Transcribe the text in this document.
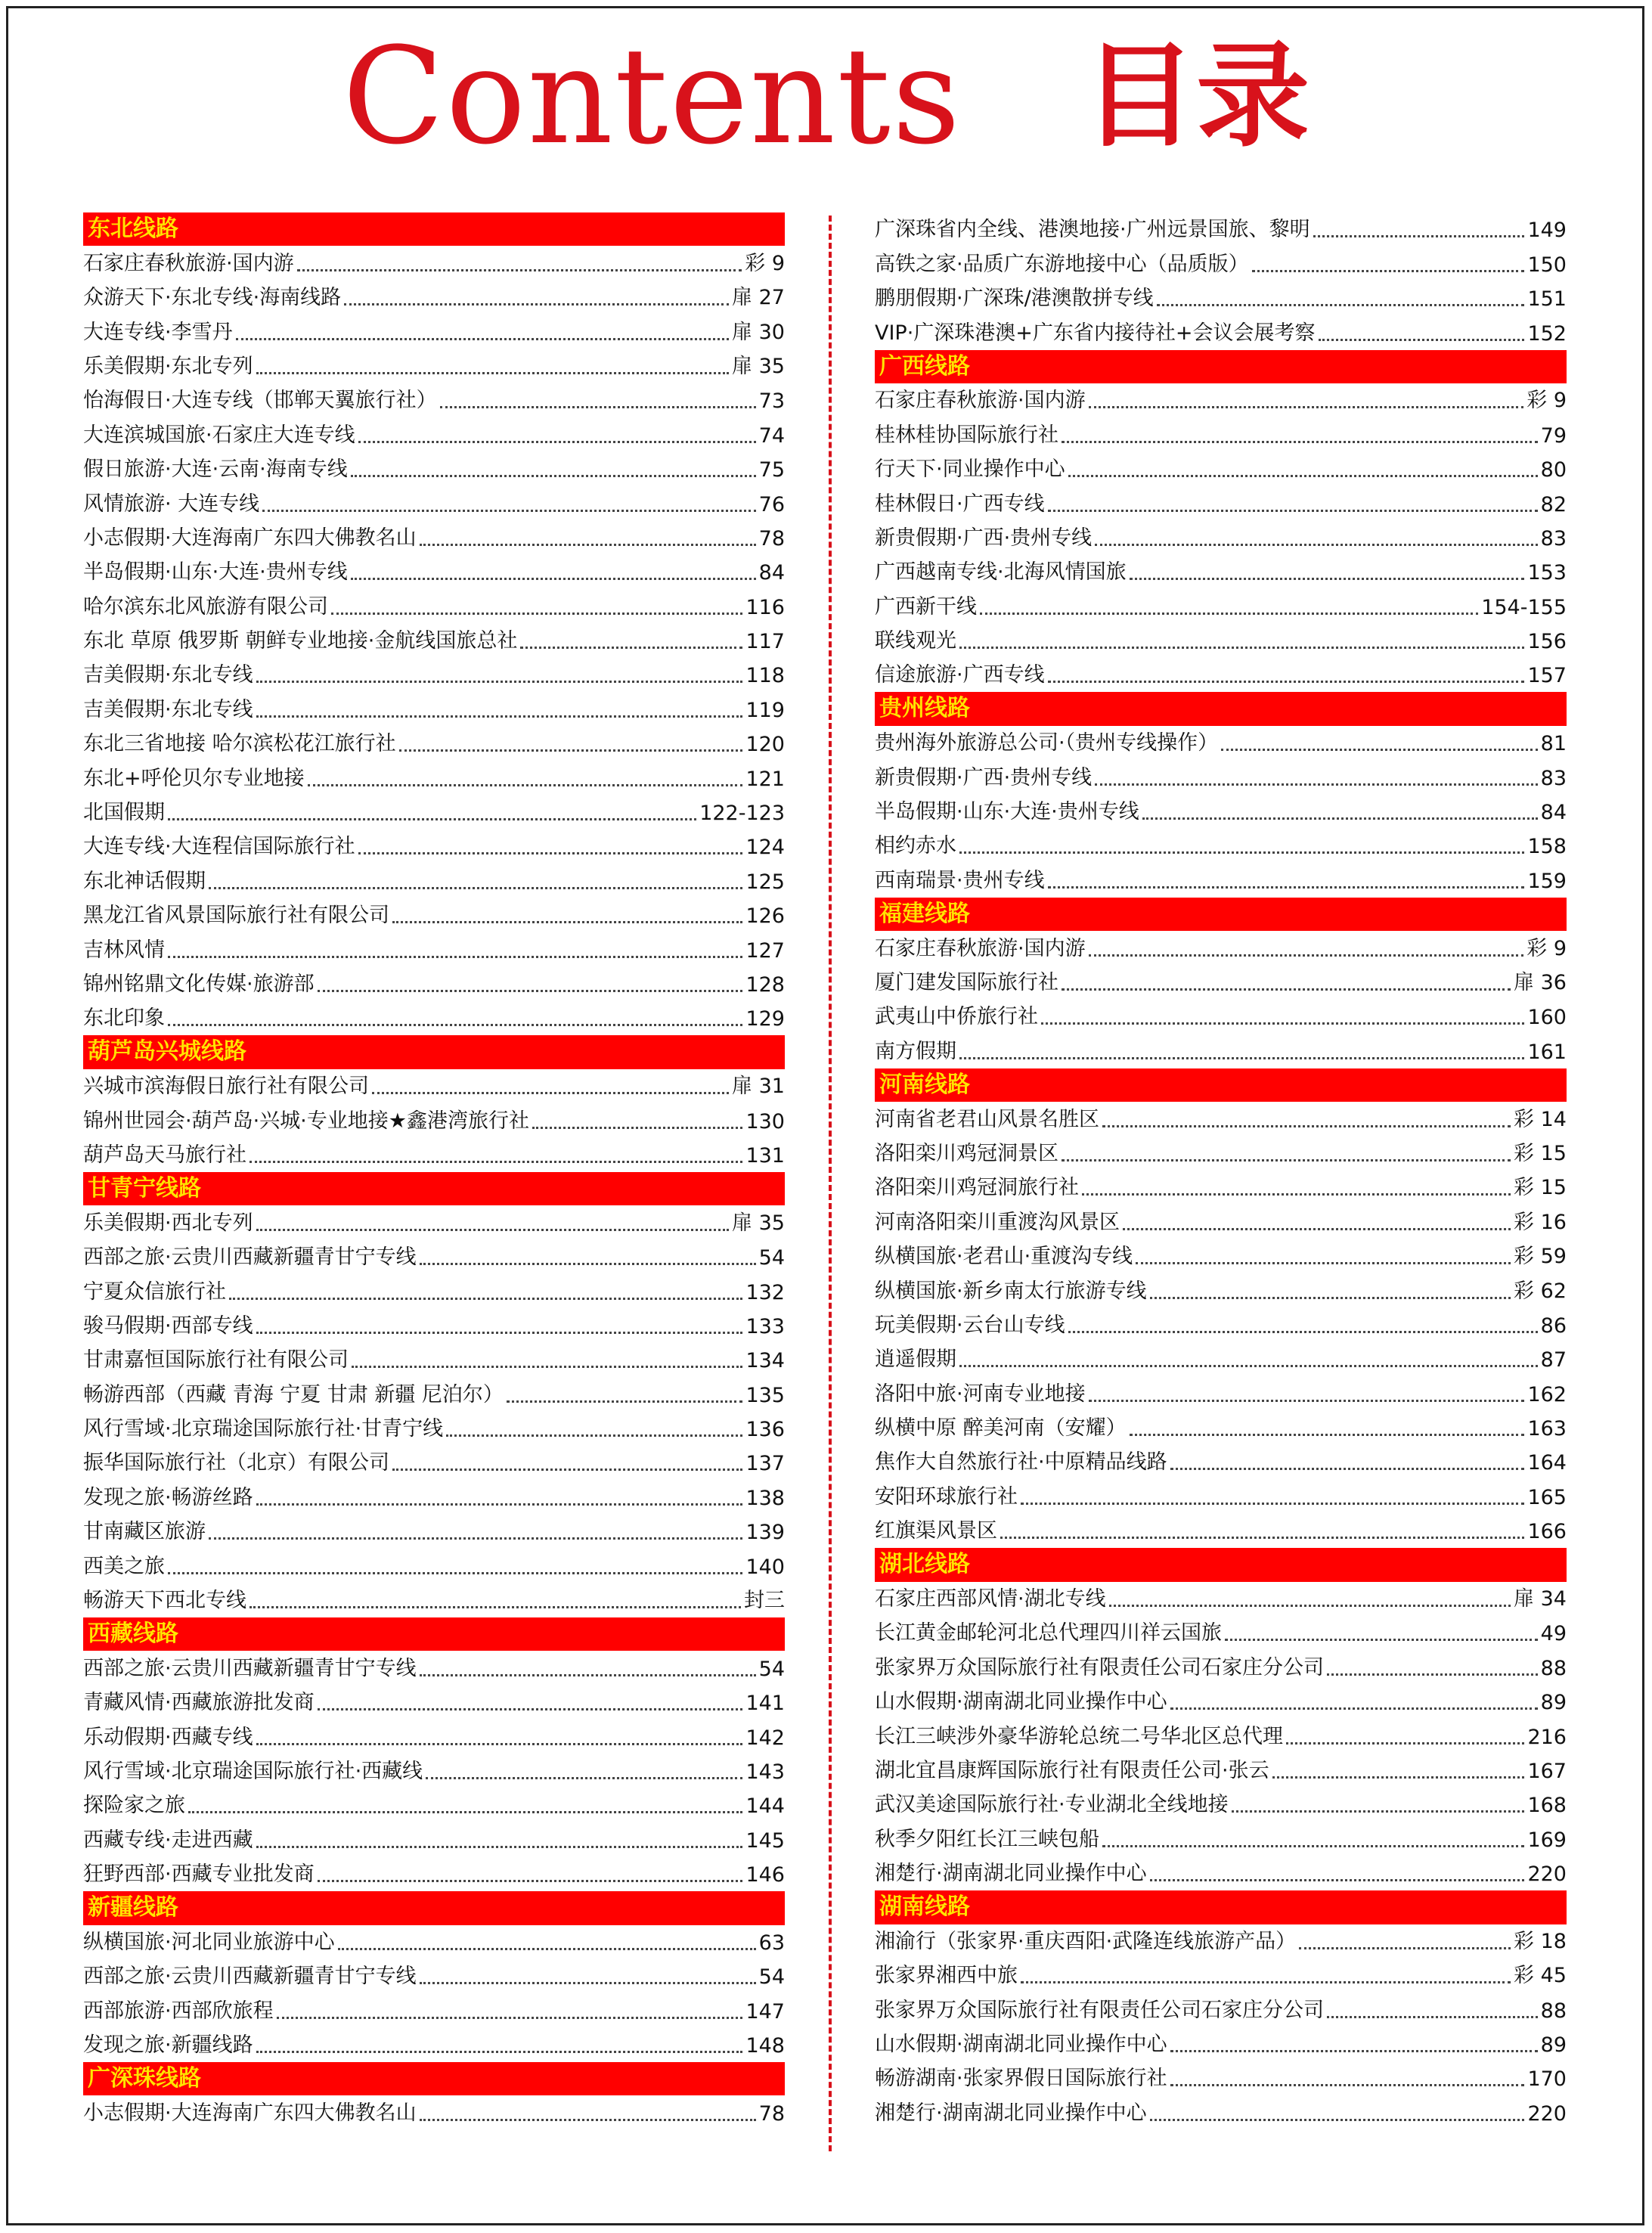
Contents 目录
东北线路
石家庄春秋旅游·国内游	彩 9
众游天下·东北专线·海南线路	扉 27
大连专线·李雪丹	扉 30
乐美假期·东北专列	扉 35
怡海假日·大连专线（邯郸天翼旅行社）	73
大连滨城国旅·石家庄大连专线	74
假日旅游·大连·云南·海南专线	75
风情旅游· 大连专线	76
小志假期·大连海南广东四大佛教名山	78
半岛假期·山东·大连·贵州专线	84
哈尔滨东北风旅游有限公司	116
东北 草原 俄罗斯 朝鲜专业地接·金航线国旅总社	117
吉美假期·东北专线	118
吉美假期·东北专线	119
东北三省地接 哈尔滨松花江旅行社	120
东北+呼伦贝尔专业地接	121
北国假期	122-123
大连专线·大连程信国际旅行社	124
东北神话假期	125
黑龙江省风景国际旅行社有限公司	126
吉林风情	127
锦州铭鼎文化传媒·旅游部	128
东北印象	129
葫芦岛兴城线路
兴城市滨海假日旅行社有限公司	扉 31
锦州世园会·葫芦岛·兴城·专业地接★鑫港湾旅行社	130
葫芦岛天马旅行社	131
甘青宁线路
乐美假期·西北专列	扉 35
西部之旅·云贵川西藏新疆青甘宁专线	54
宁夏众信旅行社	132
骏马假期·西部专线	133
甘肃嘉恒国际旅行社有限公司	134
畅游西部（西藏 青海 宁夏 甘肃 新疆 尼泊尔）	135
风行雪域·北京瑞途国际旅行社·甘青宁线	136
振华国际旅行社（北京）有限公司	137
发现之旅·畅游丝路	138
甘南藏区旅游	139
西美之旅	140
畅游天下西北专线	封三
西藏线路
西部之旅·云贵川西藏新疆青甘宁专线	54
青藏风情·西藏旅游批发商	141
乐动假期·西藏专线	142
风行雪域·北京瑞途国际旅行社·西藏线	143
探险家之旅	144
西藏专线·走进西藏	145
狂野西部·西藏专业批发商	146
新疆线路
纵横国旅·河北同业旅游中心	63
西部之旅·云贵川西藏新疆青甘宁专线	54
西部旅游·西部欣旅程	147
发现之旅·新疆线路	148
广深珠线路
小志假期·大连海南广东四大佛教名山	78
广深珠省内全线、港澳地接·广州远景国旅、黎明	149
高铁之家·品质广东游地接中心（品质版）	150
鹏朋假期·广深珠/港澳散拼专线	151
VIP·广深珠港澳+广东省内接待社+会议会展考察	152
广西线路
石家庄春秋旅游·国内游	彩 9
桂林桂协国际旅行社	79
行天下·同业操作中心	80
桂林假日·广西专线	82
新贵假期·广西·贵州专线	83
广西越南专线·北海风情国旅	153
广西新干线	154-155
联线观光	156
信途旅游·广西专线	157
贵州线路
贵州海外旅游总公司·（贵州专线操作）	81
新贵假期·广西·贵州专线	83
半岛假期·山东·大连·贵州专线	84
相约赤水	158
西南瑞景·贵州专线	159
福建线路
石家庄春秋旅游·国内游	彩 9
厦门建发国际旅行社	扉 36
武夷山中侨旅行社	160
南方假期	161
河南线路
河南省老君山风景名胜区	彩 14
洛阳栾川鸡冠洞景区	彩 15
洛阳栾川鸡冠洞旅行社	彩 15
河南洛阳栾川重渡沟风景区	彩 16
纵横国旅·老君山·重渡沟专线	彩 59
纵横国旅·新乡南太行旅游专线	彩 62
玩美假期·云台山专线	86
逍遥假期	87
洛阳中旅·河南专业地接	162
纵横中原 醉美河南（安耀）	163
焦作大自然旅行社·中原精品线路	164
安阳环球旅行社	165
红旗渠风景区	166
湖北线路
石家庄西部风情·湖北专线	扉 34
长江黄金邮轮河北总代理四川祥云国旅	49
张家界万众国际旅行社有限责任公司石家庄分公司	88
山水假期·湖南湖北同业操作中心	89
长江三峡涉外豪华游轮总统二号华北区总代理	216
湖北宜昌康辉国际旅行社有限责任公司·张云	167
武汉美途国际旅行社·专业湖北全线地接	168
秋季夕阳红长江三峡包船	169
湘楚行·湖南湖北同业操作中心	220
湖南线路
湘渝行（张家界·重庆酉阳·武隆连线旅游产品）	彩 18
张家界湘西中旅	彩 45
张家界万众国际旅行社有限责任公司石家庄分公司	88
山水假期·湖南湖北同业操作中心	89
畅游湖南·张家界假日国际旅行社	170
湘楚行·湖南湖北同业操作中心	220
